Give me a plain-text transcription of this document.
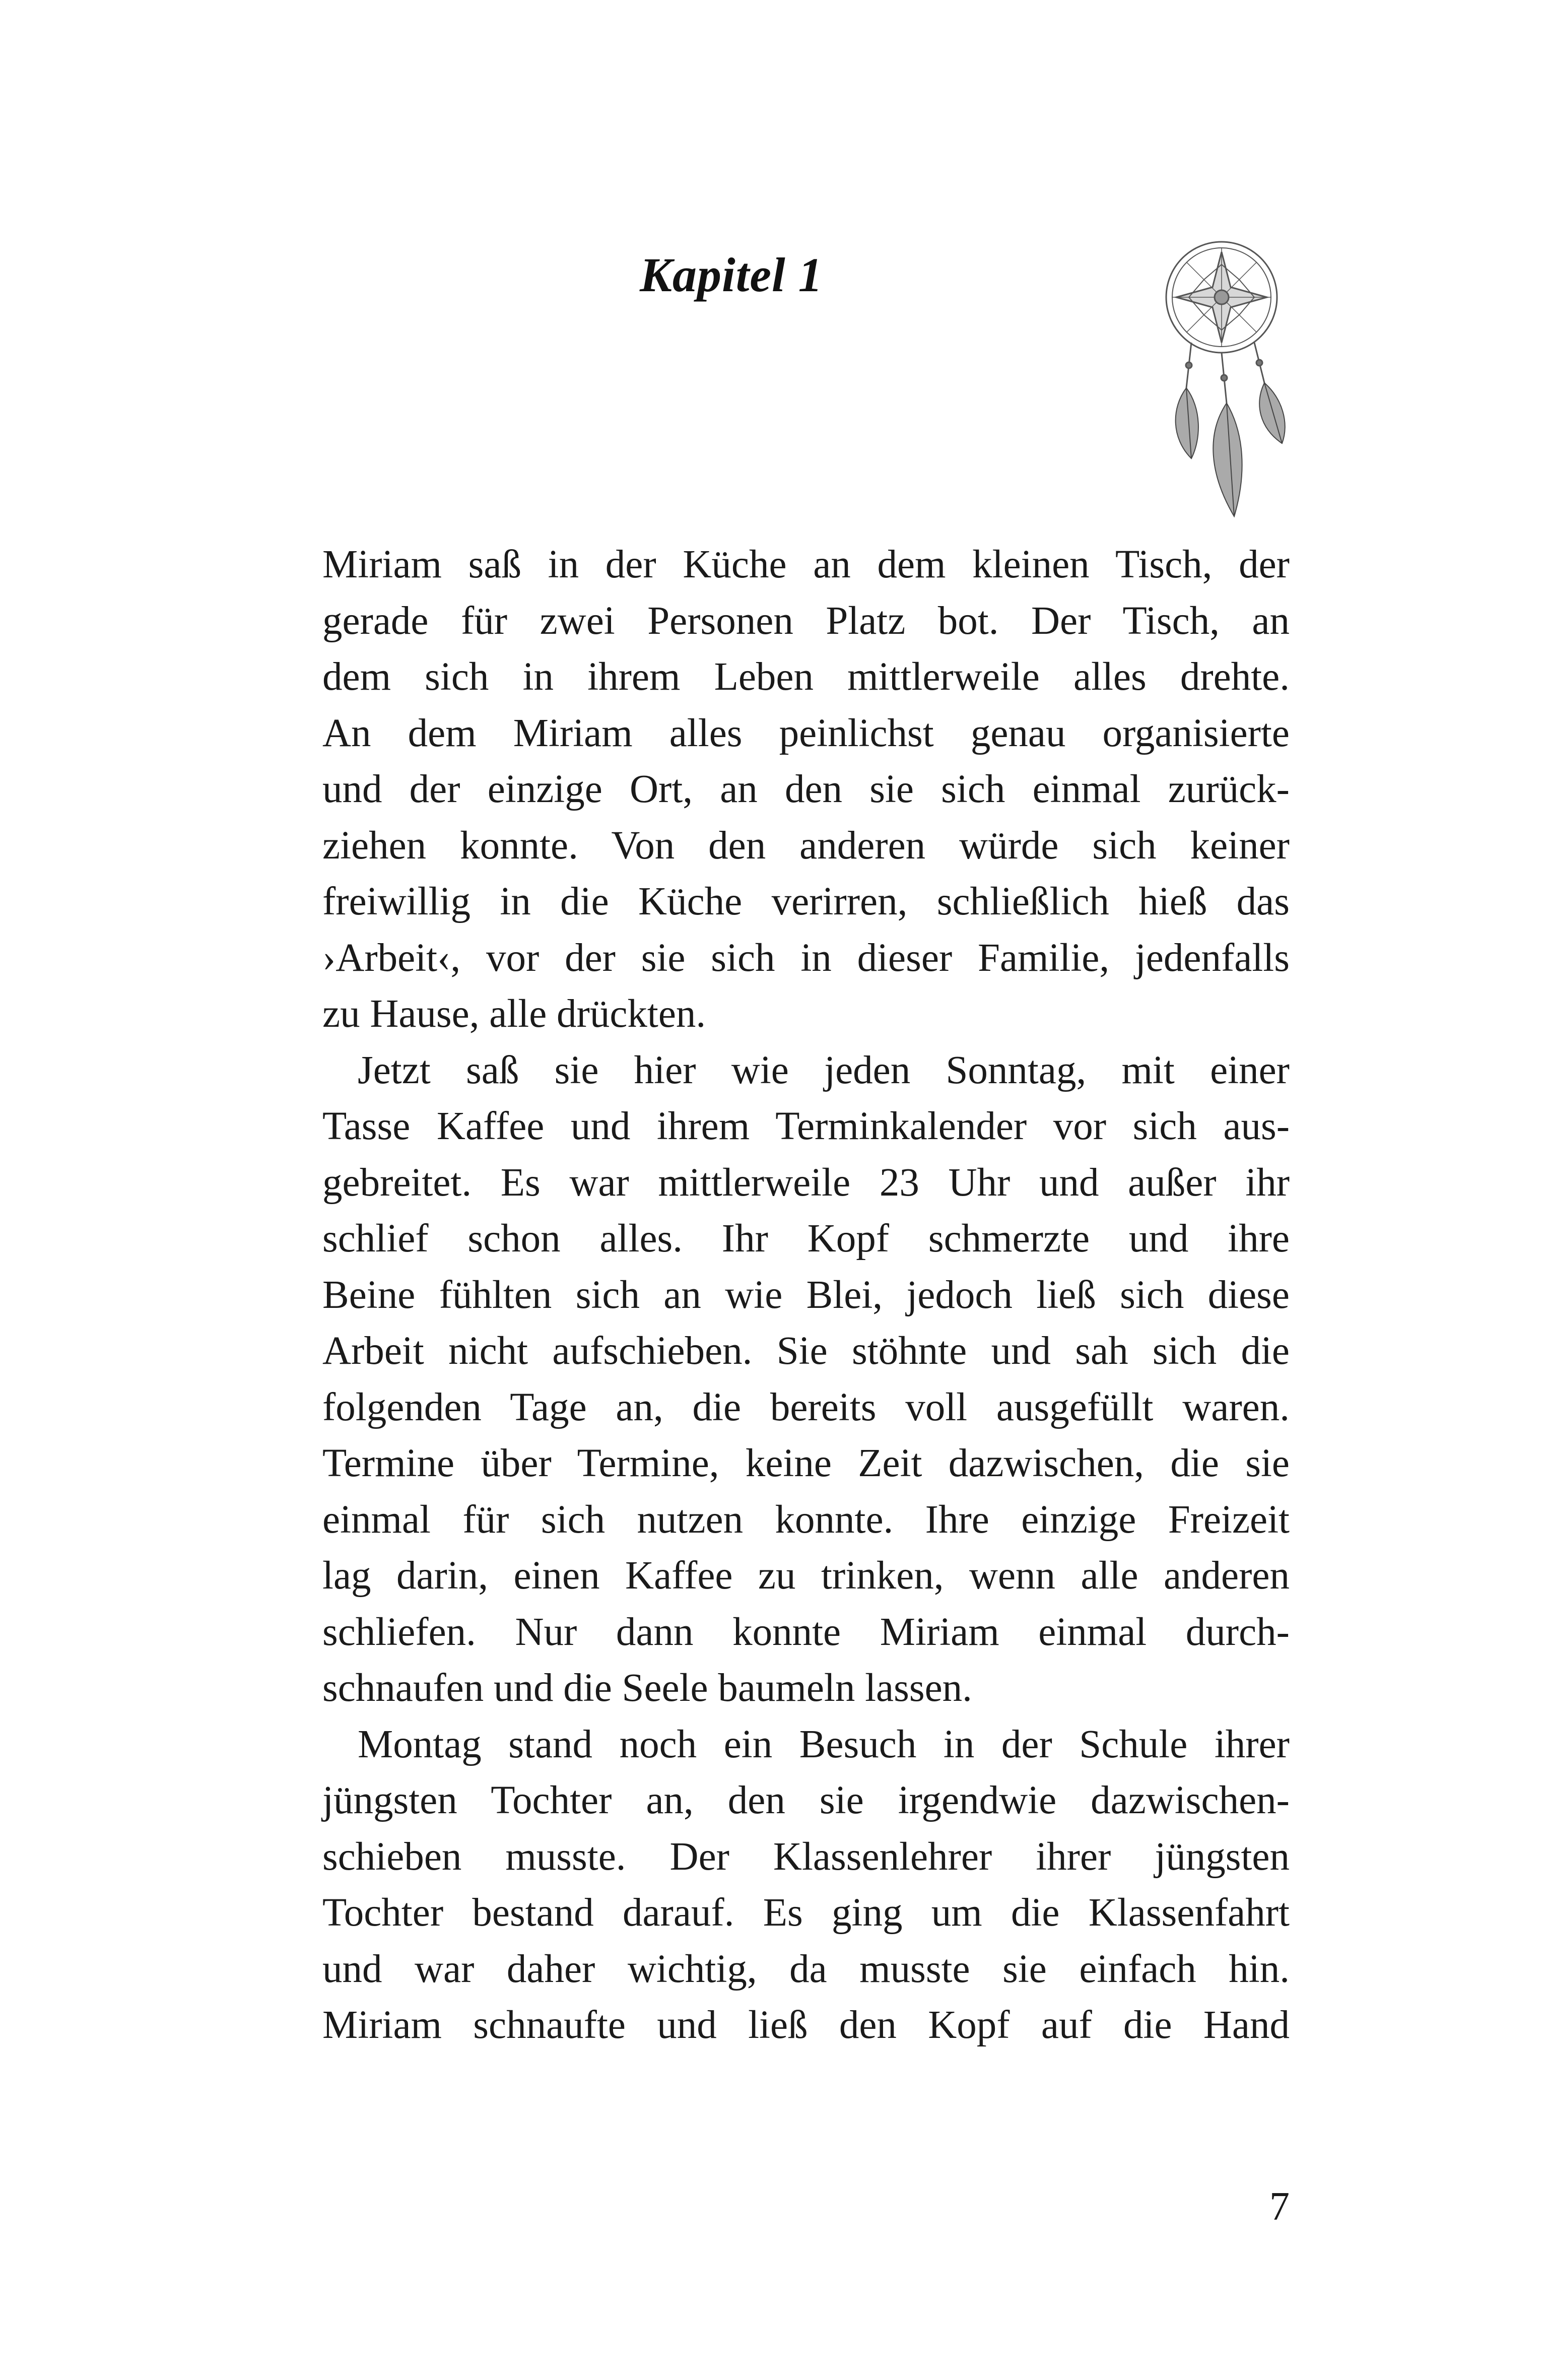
Kapitel 1
Miriam saß in der Küche an dem kleinen Tisch, der
gerade für zwei Personen Platz bot. Der Tisch, an
dem sich in ihrem Leben mittlerweile alles drehte.
An dem Miriam alles peinlichst genau organisierte
und der einzige Ort, an den sie sich einmal zurück-
ziehen konnte. Von den anderen würde sich keiner
freiwillig in die Küche verirren, schließlich hieß das
›Arbeit‹, vor der sie sich in dieser Familie, jedenfalls
zu Hause, alle drückten.
Jetzt saß sie hier wie jeden Sonntag, mit einer
Tasse Kaffee und ihrem Terminkalender vor sich aus-
gebreitet. Es war mittlerweile 23 Uhr und außer ihr
schlief schon alles. Ihr Kopf schmerzte und ihre
Beine fühlten sich an wie Blei, jedoch ließ sich diese
Arbeit nicht aufschieben. Sie stöhnte und sah sich die
folgenden Tage an, die bereits voll ausgefüllt waren.
Termine über Termine, keine Zeit dazwischen, die sie
einmal für sich nutzen konnte. Ihre einzige Freizeit
lag darin, einen Kaffee zu trinken, wenn alle anderen
schliefen. Nur dann konnte Miriam einmal durch-
schnaufen und die Seele baumeln lassen.
Montag stand noch ein Besuch in der Schule ihrer
jüngsten Tochter an, den sie irgendwie dazwischen-
schieben musste. Der Klassenlehrer ihrer jüngsten
Tochter bestand darauf. Es ging um die Klassenfahrt
und war daher wichtig, da musste sie einfach hin.
Miriam schnaufte und ließ den Kopf auf die Hand
7
